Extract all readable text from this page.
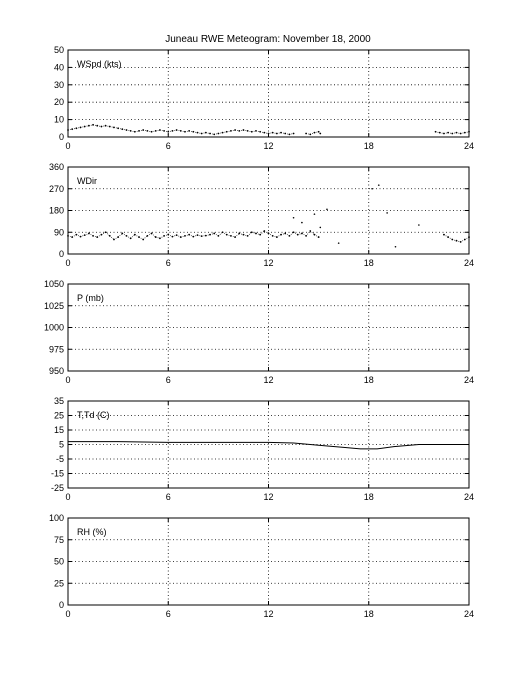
Juneau RWE Meteogram: November 18, 2000
0	6	12	18	24
0
10
20
30
40
50
WSpd (kts)
0	6	12	18	24
0
90
180
270
360
WDir
0	6	12	18	24
950
975
1000
1025
1050
P (mb)
0	6	12	18	24
-25
-15
-5
5
15
25
35
T,Td (C)
0	6	12	18	24
0
25
50
75
100
RH (%)
